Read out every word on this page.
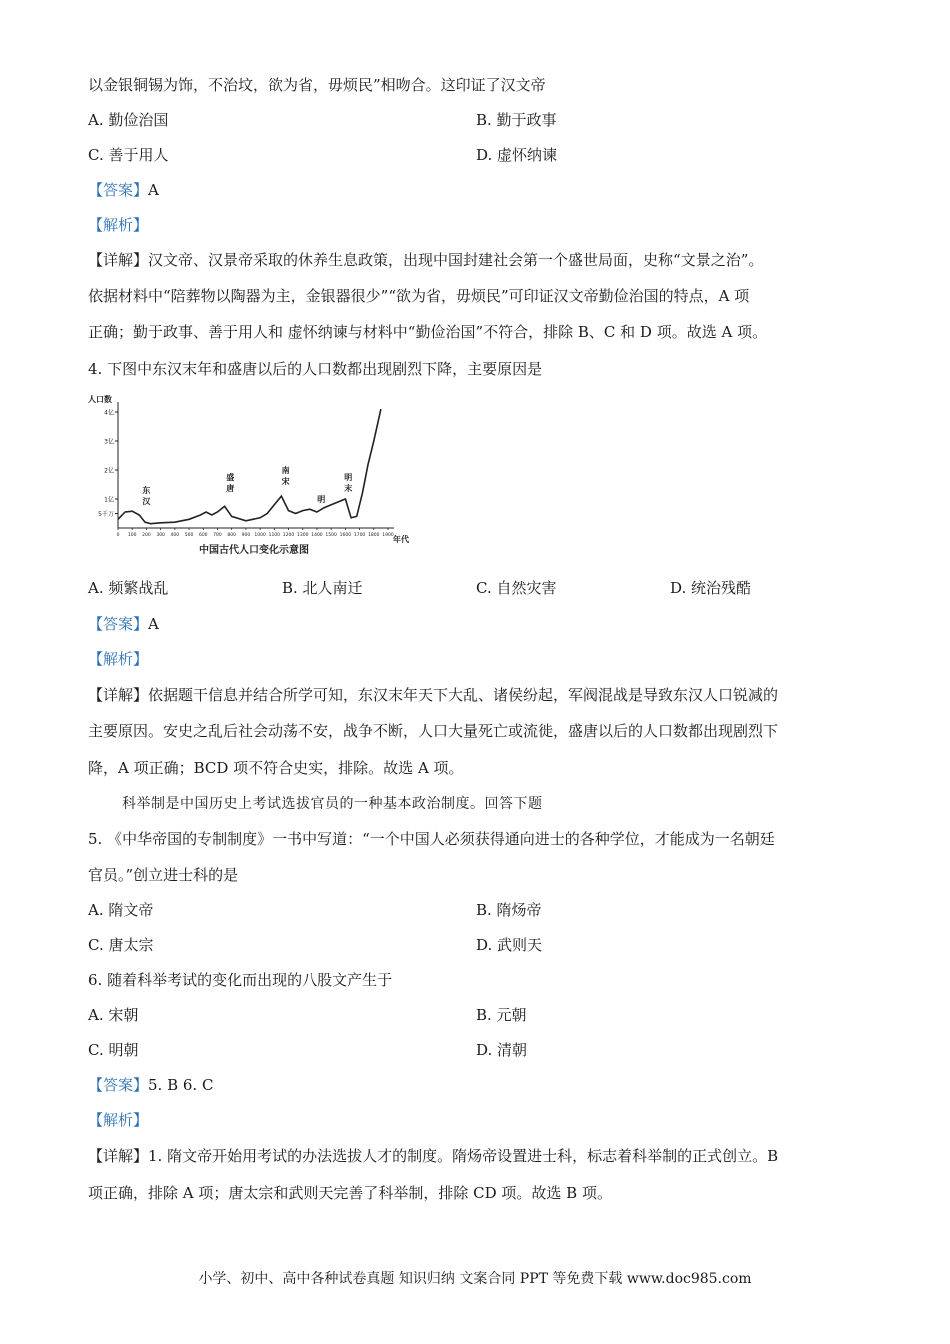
以金银铜锡为饰，不治坟，欲为省，毋烦民”相吻合。这印证了汉文帝
A. 勤俭治国	B. 勤于政事
C. 善于用人	D. 虚怀纳谏
【答案】A
【解析】
【详解】汉文帝、汉景帝采取的休养生息政策，出现中国封建社会第一个盛世局面，史称“文景之治”。
依据材料中“陪葬物以陶器为主，金银器很少”“欲为省，毋烦民”可印证汉文帝勤俭治国的特点，A 项
正确；勤于政事、善于用人和 虚怀纳谏与材料中“勤俭治国”不符合，排除 B、C 和 D 项。故选 A 项。
4. 下图中东汉末年和盛唐以后的人口数都出现剧烈下降，主要原因是
5千万
1亿
2亿
3亿
4亿
0 100 200 300 400 500 600 700 800 900 1000 1100 1200 1300 1400 1500 1600 1700 1800 1900
东
汉
盛
唐
南
宋
明
明
末
人口数
年代
中国古代人口变化示意图
A. 频繁战乱	B. 北人南迁	C. 自然灾害	D. 统治残酷
【答案】A
【解析】
【详解】依据题干信息并结合所学可知，东汉末年天下大乱、诸侯纷起，军阀混战是导致东汉人口锐减的
主要原因。安史之乱后社会动荡不安，战争不断，人口大量死亡或流徙，盛唐以后的人口数都出现剧烈下
降，A 项正确；BCD 项不符合史实，排除。故选 A 项。
科举制是中国历史上考试选拔官员的一种基本政治制度。回答下题
5. 《中华帝国的专制制度》一书中写道：“一个中国人必须获得通向进士的各种学位，才能成为一名朝廷
官员。”创立进士科的是
A. 隋文帝	B. 隋炀帝
C. 唐太宗	D. 武则天
6. 随着科举考试的变化而出现的八股文产生于
A. 宋朝	B. 元朝
C. 明朝	D. 清朝
【答案】5. B 6. C
【解析】
【详解】1. 隋文帝开始用考试的办法选拔人才的制度。隋炀帝设置进士科，标志着科举制的正式创立。B
项正确，排除 A 项；唐太宗和武则天完善了科举制，排除 CD 项。故选 B 项。
小学、初中、高中各种试卷真题 知识归纳 文案合同 PPT 等免费下载 www.doc985.com
